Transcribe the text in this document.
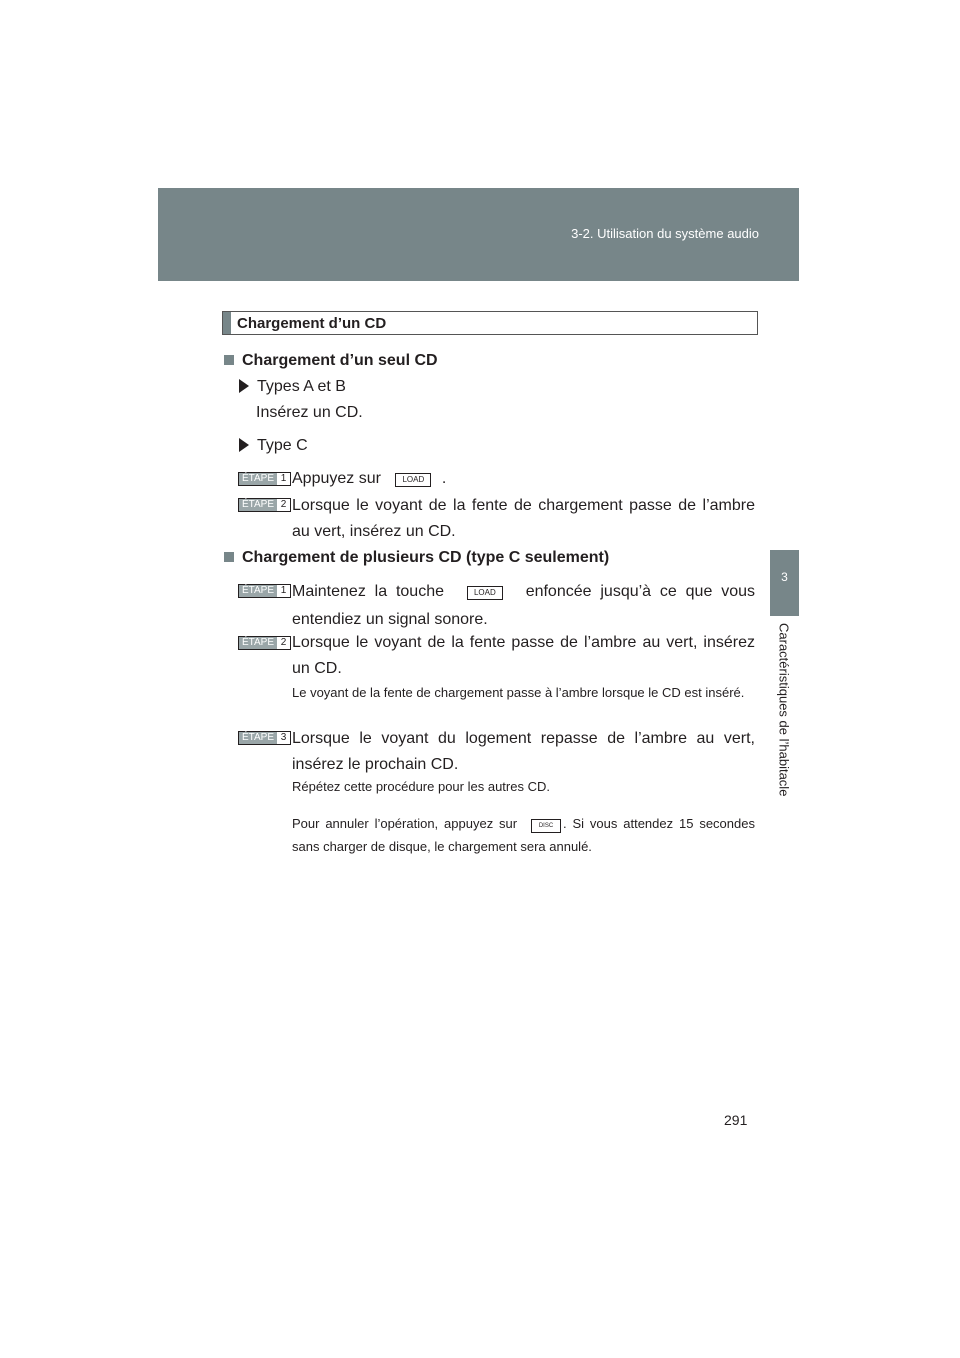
3-2. Utilisation du système audio
3
Caractéristiques de l’habitacle
Chargement d’un CD
Chargement d’un seul CD
Types A et B
Insérez un CD.
Type C
ÉTAPE 1 Appuyez sur	LOAD .
ÉTAPE 2 Lorsque le voyant de la fente de chargement passe de l’ambre au vert, insérez un CD.
Chargement de plusieurs CD (type C seulement)
ÉTAPE 1 Maintenez la touche	LOAD enfoncée jusqu’à ce que vous entendiez un signal sonore.
ÉTAPE 2 Lorsque le voyant de la fente passe de l’ambre au vert, insérez un CD.
Le voyant de la fente de chargement passe à l’ambre lorsque le CD est inséré.
ÉTAPE 3 Lorsque le voyant du logement repasse de l’ambre au vert, insérez le prochain CD.
Répétez cette procédure pour les autres CD.
Pour annuler l’opération, appuyez sur	DISC . Si vous attendez 15 secondes sans charger de disque, le chargement sera annulé.
291
